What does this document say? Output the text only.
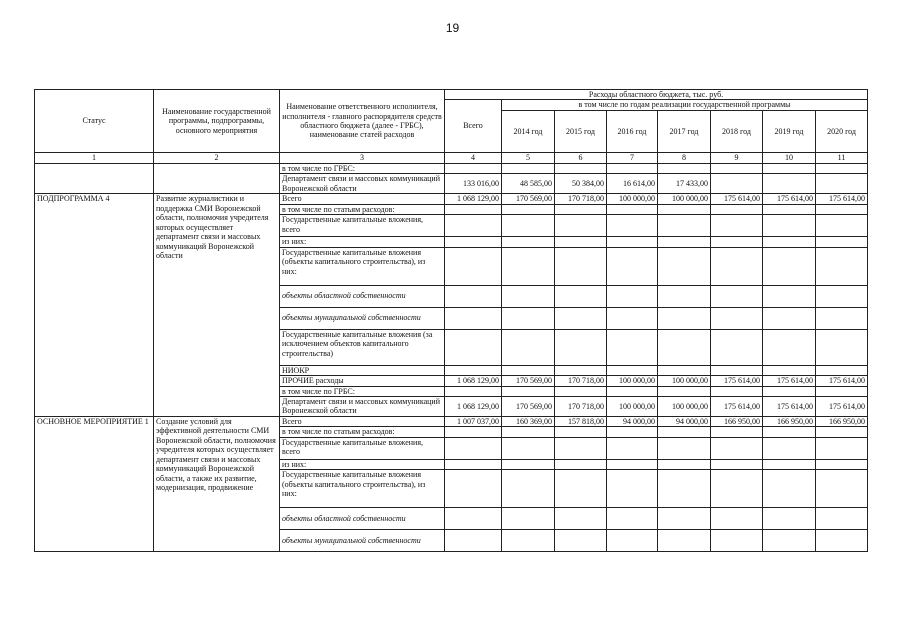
19
Статус	Наименование государственной программы, подпрограммы, основного мероприятия	Наименование ответственного исполнителя, исполнителя - главного распорядителя средств областного бюджета (далее - ГРБС), наименование статей расходов	Расходы областного бюджета, тыс. руб.							
			Всего	в том числе по годам реализации государственной программы						
				2014 год	2015 год	2016 год	2017 год	2018 год	2019 год	2020 год
1	2	3	4	5	6	7	8	9	10	11
		в том числе по ГРБС:								
		Департамент связи и массовых коммуникаций Воронежской области	133 016,00	48 585,00	50 384,00	16 614,00	17 433,00			
ПОДПРОГРАММА 4	Развитие журналистики и поддержка СМИ Воронежской области, полномочия учредителя которых осуществляет департамент связи и массовых коммуникаций Воронежской области	Всего	1 068 129,00	170 569,00	170 718,00	100 000,00	100 000,00	175 614,00	175 614,00	175 614,00
		в том числе по статьям расходов:								
		Государственные капитальные вложения, всего								
		из них:								
		Государственные капитальные вложения (объекты капитального строительства), из них:								
		объекты областной собственности								
		объекты муниципальной собственности								
		Государственные капитальные вложения (за исключением объектов капитального строительства)								
		НИОКР								
		ПРОЧИЕ расходы	1 068 129,00	170 569,00	170 718,00	100 000,00	100 000,00	175 614,00	175 614,00	175 614,00
		в том числе по ГРБС:								
		Департамент связи и массовых коммуникаций Воронежской области	1 068 129,00	170 569,00	170 718,00	100 000,00	100 000,00	175 614,00	175 614,00	175 614,00
ОСНОВНОЕ МЕРОПРИЯТИЕ 1	Создание условий для эффективной деятельности СМИ Воронежской области, полномочия учредителя которых осуществляет департамент связи и массовых коммуникаций Воронежской области, а также их развитие, модернизация, продвижение	Всего	1 007 037,00	160 369,00	157 818,00	94 000,00	94 000,00	166 950,00	166 950,00	166 950,00
		в том числе по статьям расходов:								
		Государственные капитальные вложения, всего								
		из них:								
		Государственные капитальные вложения (объекты капитального строительства), из них:								
		объекты областной собственности								
		объекты муниципальной собственности								
